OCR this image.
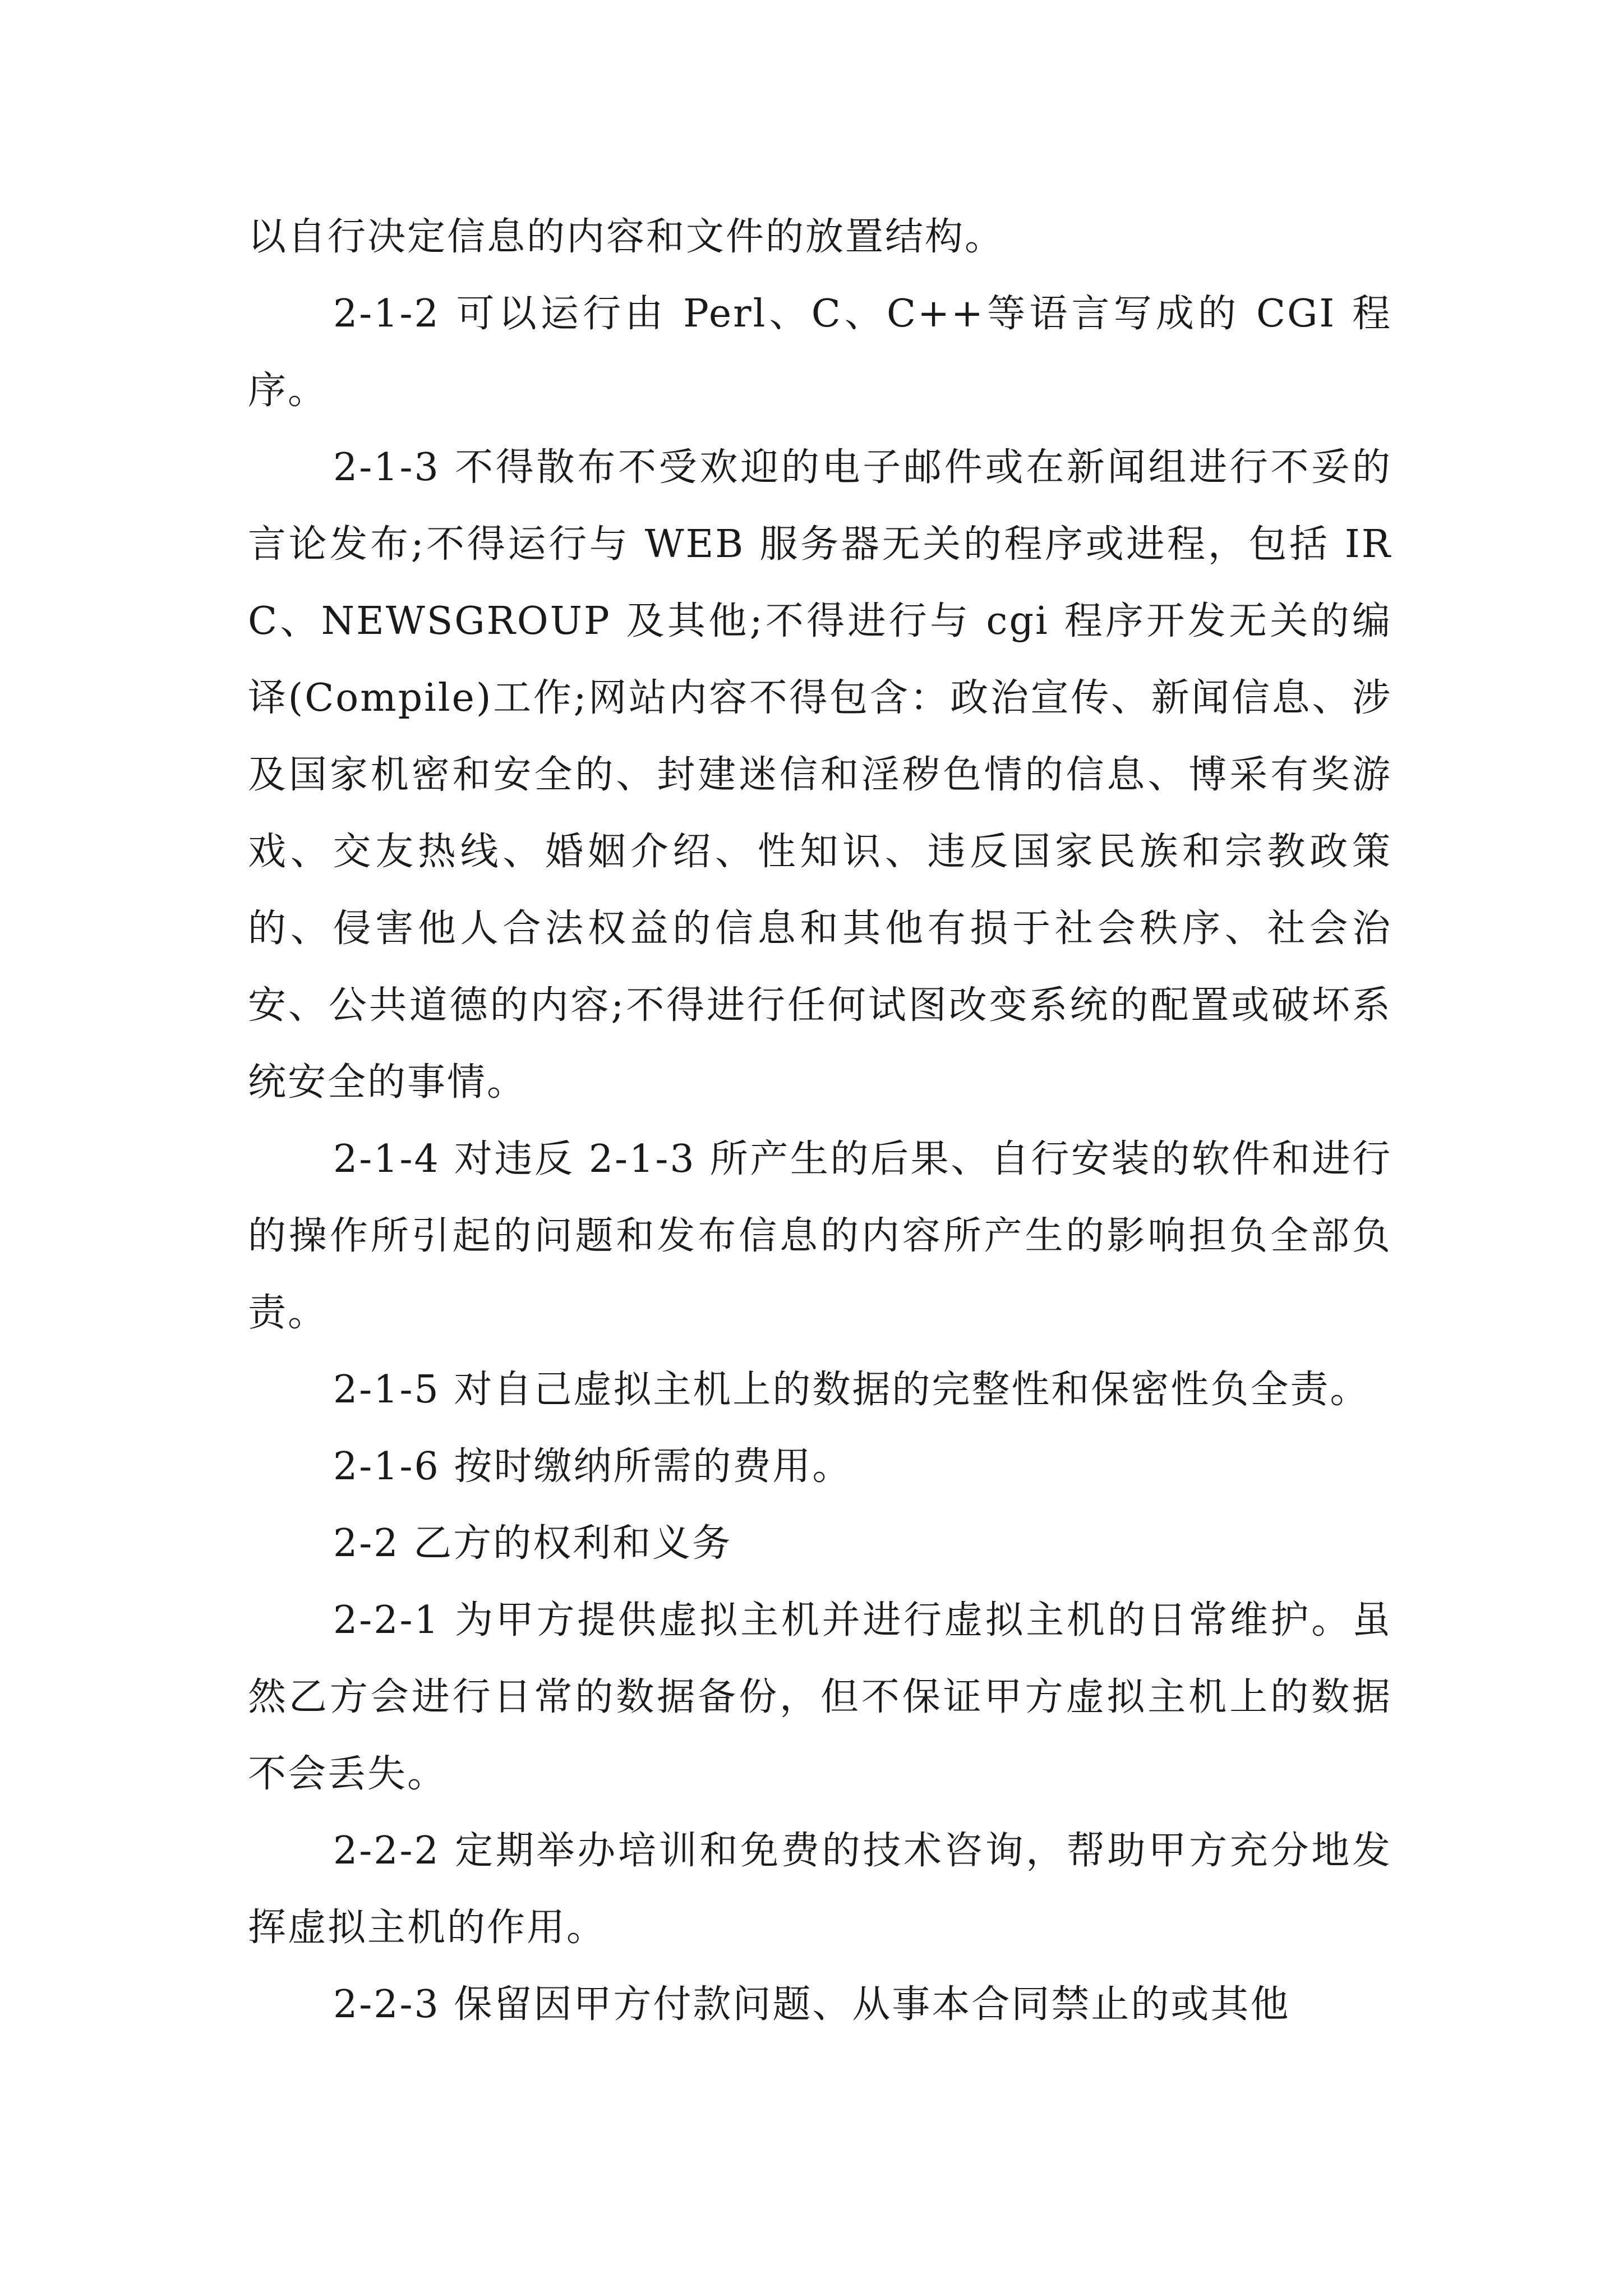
以自行决定信息的内容和文件的放置结构。

2-1-2 可以运行由 Perl、C、C++等语言写成的 CGI 程序。

2-1-3 不得散布不受欢迎的电子邮件或在新闻组进行不妥的言论发布;不得运行与 WEB 服务器无关的程序或进程，包括 IRC、NEWSGROUP 及其他;不得进行与 cgi 程序开发无关的编译(Compile)工作;网站内容不得包含：政治宣传、新闻信息、涉及国家机密和安全的、封建迷信和淫秽色情的信息、博采有奖游戏、交友热线、婚姻介绍、性知识、违反国家民族和宗教政策的、侵害他人合法权益的信息和其他有损于社会秩序、社会治安、公共道德的内容;不得进行任何试图改变系统的配置或破坏系统安全的事情。

2-1-4 对违反 2-1-3 所产生的后果、自行安装的软件和进行的操作所引起的问题和发布信息的内容所产生的影响担负全部负责。

2-1-5 对自己虚拟主机上的数据的完整性和保密性负全责。

2-1-6 按时缴纳所需的费用。

2-2 乙方的权利和义务

2-2-1 为甲方提供虚拟主机并进行虚拟主机的日常维护。虽然乙方会进行日常的数据备份，但不保证甲方虚拟主机上的数据不会丢失。

2-2-2 定期举办培训和免费的技术咨询，帮助甲方充分地发挥虚拟主机的作用。

2-2-3 保留因甲方付款问题、从事本合同禁止的或其他
